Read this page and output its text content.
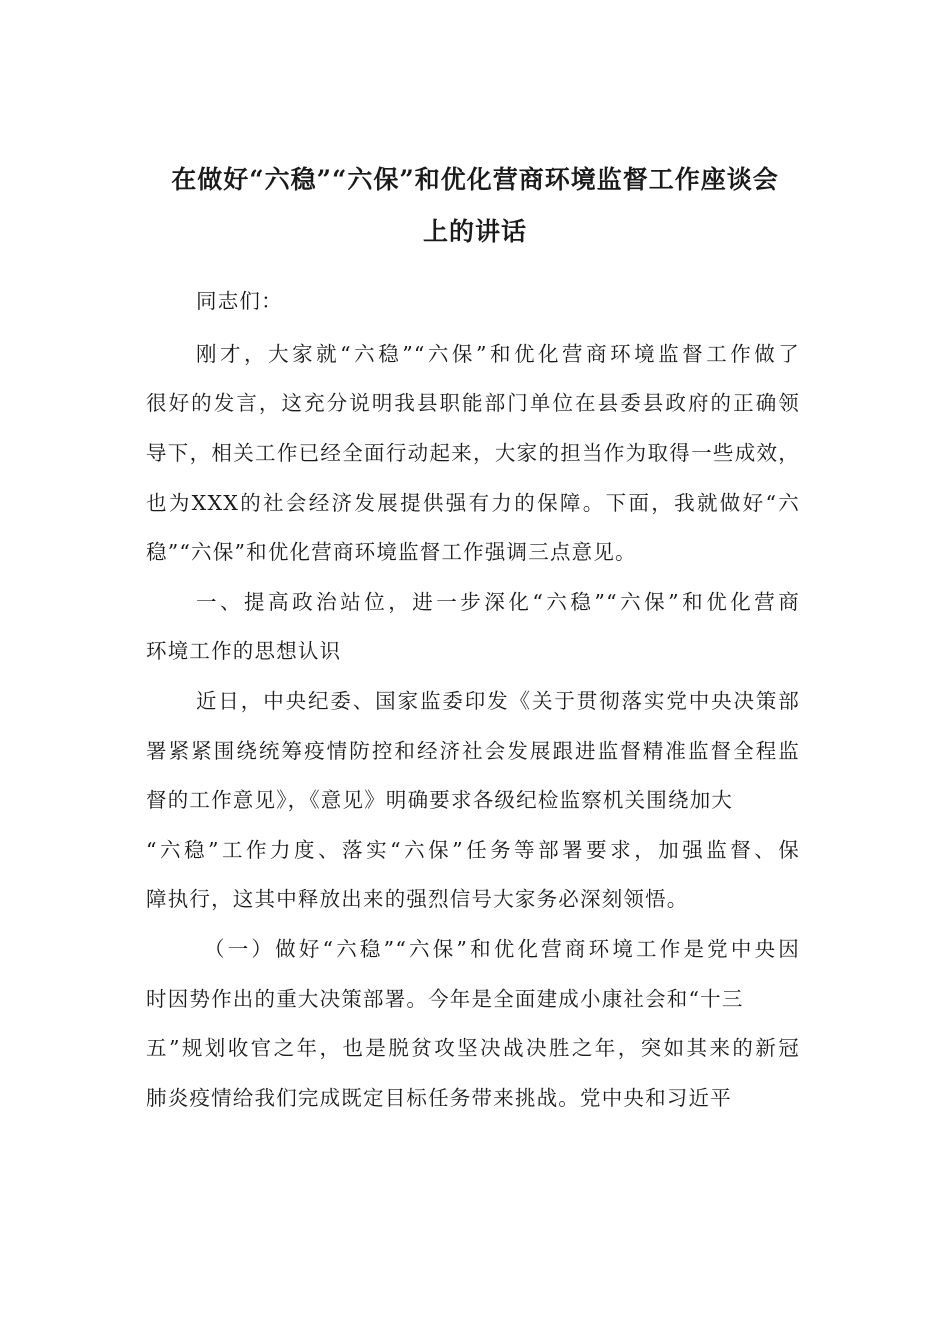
在做好“六稳”“六保”和优化营商环境监督工作座谈会
上的讲话
同志们：
刚才，大家就“六稳”“六保”和优化营商环境监督工作做了
很好的发言，这充分说明我县职能部门单位在县委县政府的正确领
导下，相关工作已经全面行动起来，大家的担当作为取得一些成效，
也为XXX的社会经济发展提供强有力的保障。下面，我就做好“六
稳”“六保”和优化营商环境监督工作强调三点意见。
一、提高政治站位，进一步深化“六稳”“六保”和优化营商
环境工作的思想认识
近日，中央纪委、国家监委印发《关于贯彻落实党中央决策部
署紧紧围绕统筹疫情防控和经济社会发展跟进监督精准监督全程监
督的工作意见》，《意见》明确要求各级纪检监察机关围绕加大
“六稳”工作力度、落实“六保”任务等部署要求，加强监督、保
障执行，这其中释放出来的强烈信号大家务必深刻领悟。
（一）做好“六稳”“六保”和优化营商环境工作是党中央因
时因势作出的重大决策部署。今年是全面建成小康社会和“十三
五”规划收官之年，也是脱贫攻坚决战决胜之年，突如其来的新冠
肺炎疫情给我们完成既定目标任务带来挑战。党中央和习近平
